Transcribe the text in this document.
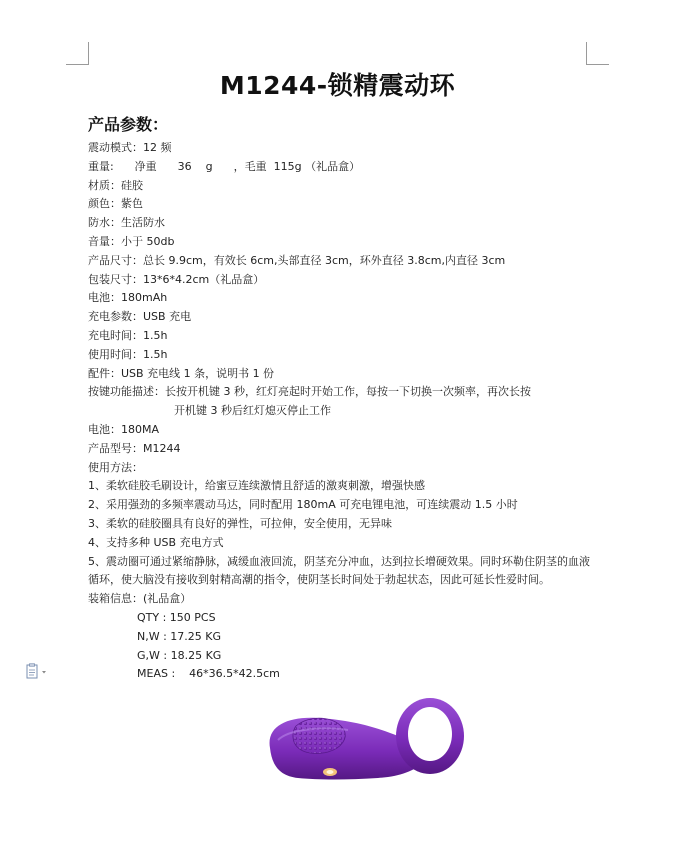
M1244-锁精震动环
产品参数：
震动模式：12 频
重量:      净重      36    g      ，毛重  115g （礼品盒）
材质：硅胶
颜色：紫色
防水：生活防水
音量：小于 50db
产品尺寸：总长 9.9cm，有效长 6cm,头部直径 3cm，环外直径 3.8cm,内直径 3cm
包装尺寸：13*6*4.2cm（礼品盒）
电池：180mAh
充电参数：USB 充电
充电时间：1.5h
使用时间：1.5h
配件：USB 充电线 1 条，说明书 1 份
按键功能描述：长按开机键 3 秒，红灯亮起时开始工作，每按一下切换一次频率，再次长按
开机键 3 秒后红灯熄灭停止工作
电池：180MA
产品型号：M1244
使用方法：
1、柔软硅胶毛刷设计，给蜜豆连续激情且舒适的激爽刺激，增强快感
2、采用强劲的多频率震动马达，同时配用 180mA 可充电锂电池，可连续震动 1.5 小时
3、柔软的硅胶圈具有良好的弹性，可拉伸，安全使用，无异味
4、支持多种 USB 充电方式
5、震动圈可通过紧缩静脉，减缓血液回流，阴茎充分冲血，达到拉长增硬效果。同时环勒住阴茎的血液循环，使大脑没有接收到射精高潮的指令，使阴茎长时间处于勃起状态，因此可延长性爱时间。
装箱信息：(礼品盒）
QTY : 150 PCS
N,W : 17.25 KG
G,W : 18.25 KG
MEAS :    46*36.5*42.5cm
